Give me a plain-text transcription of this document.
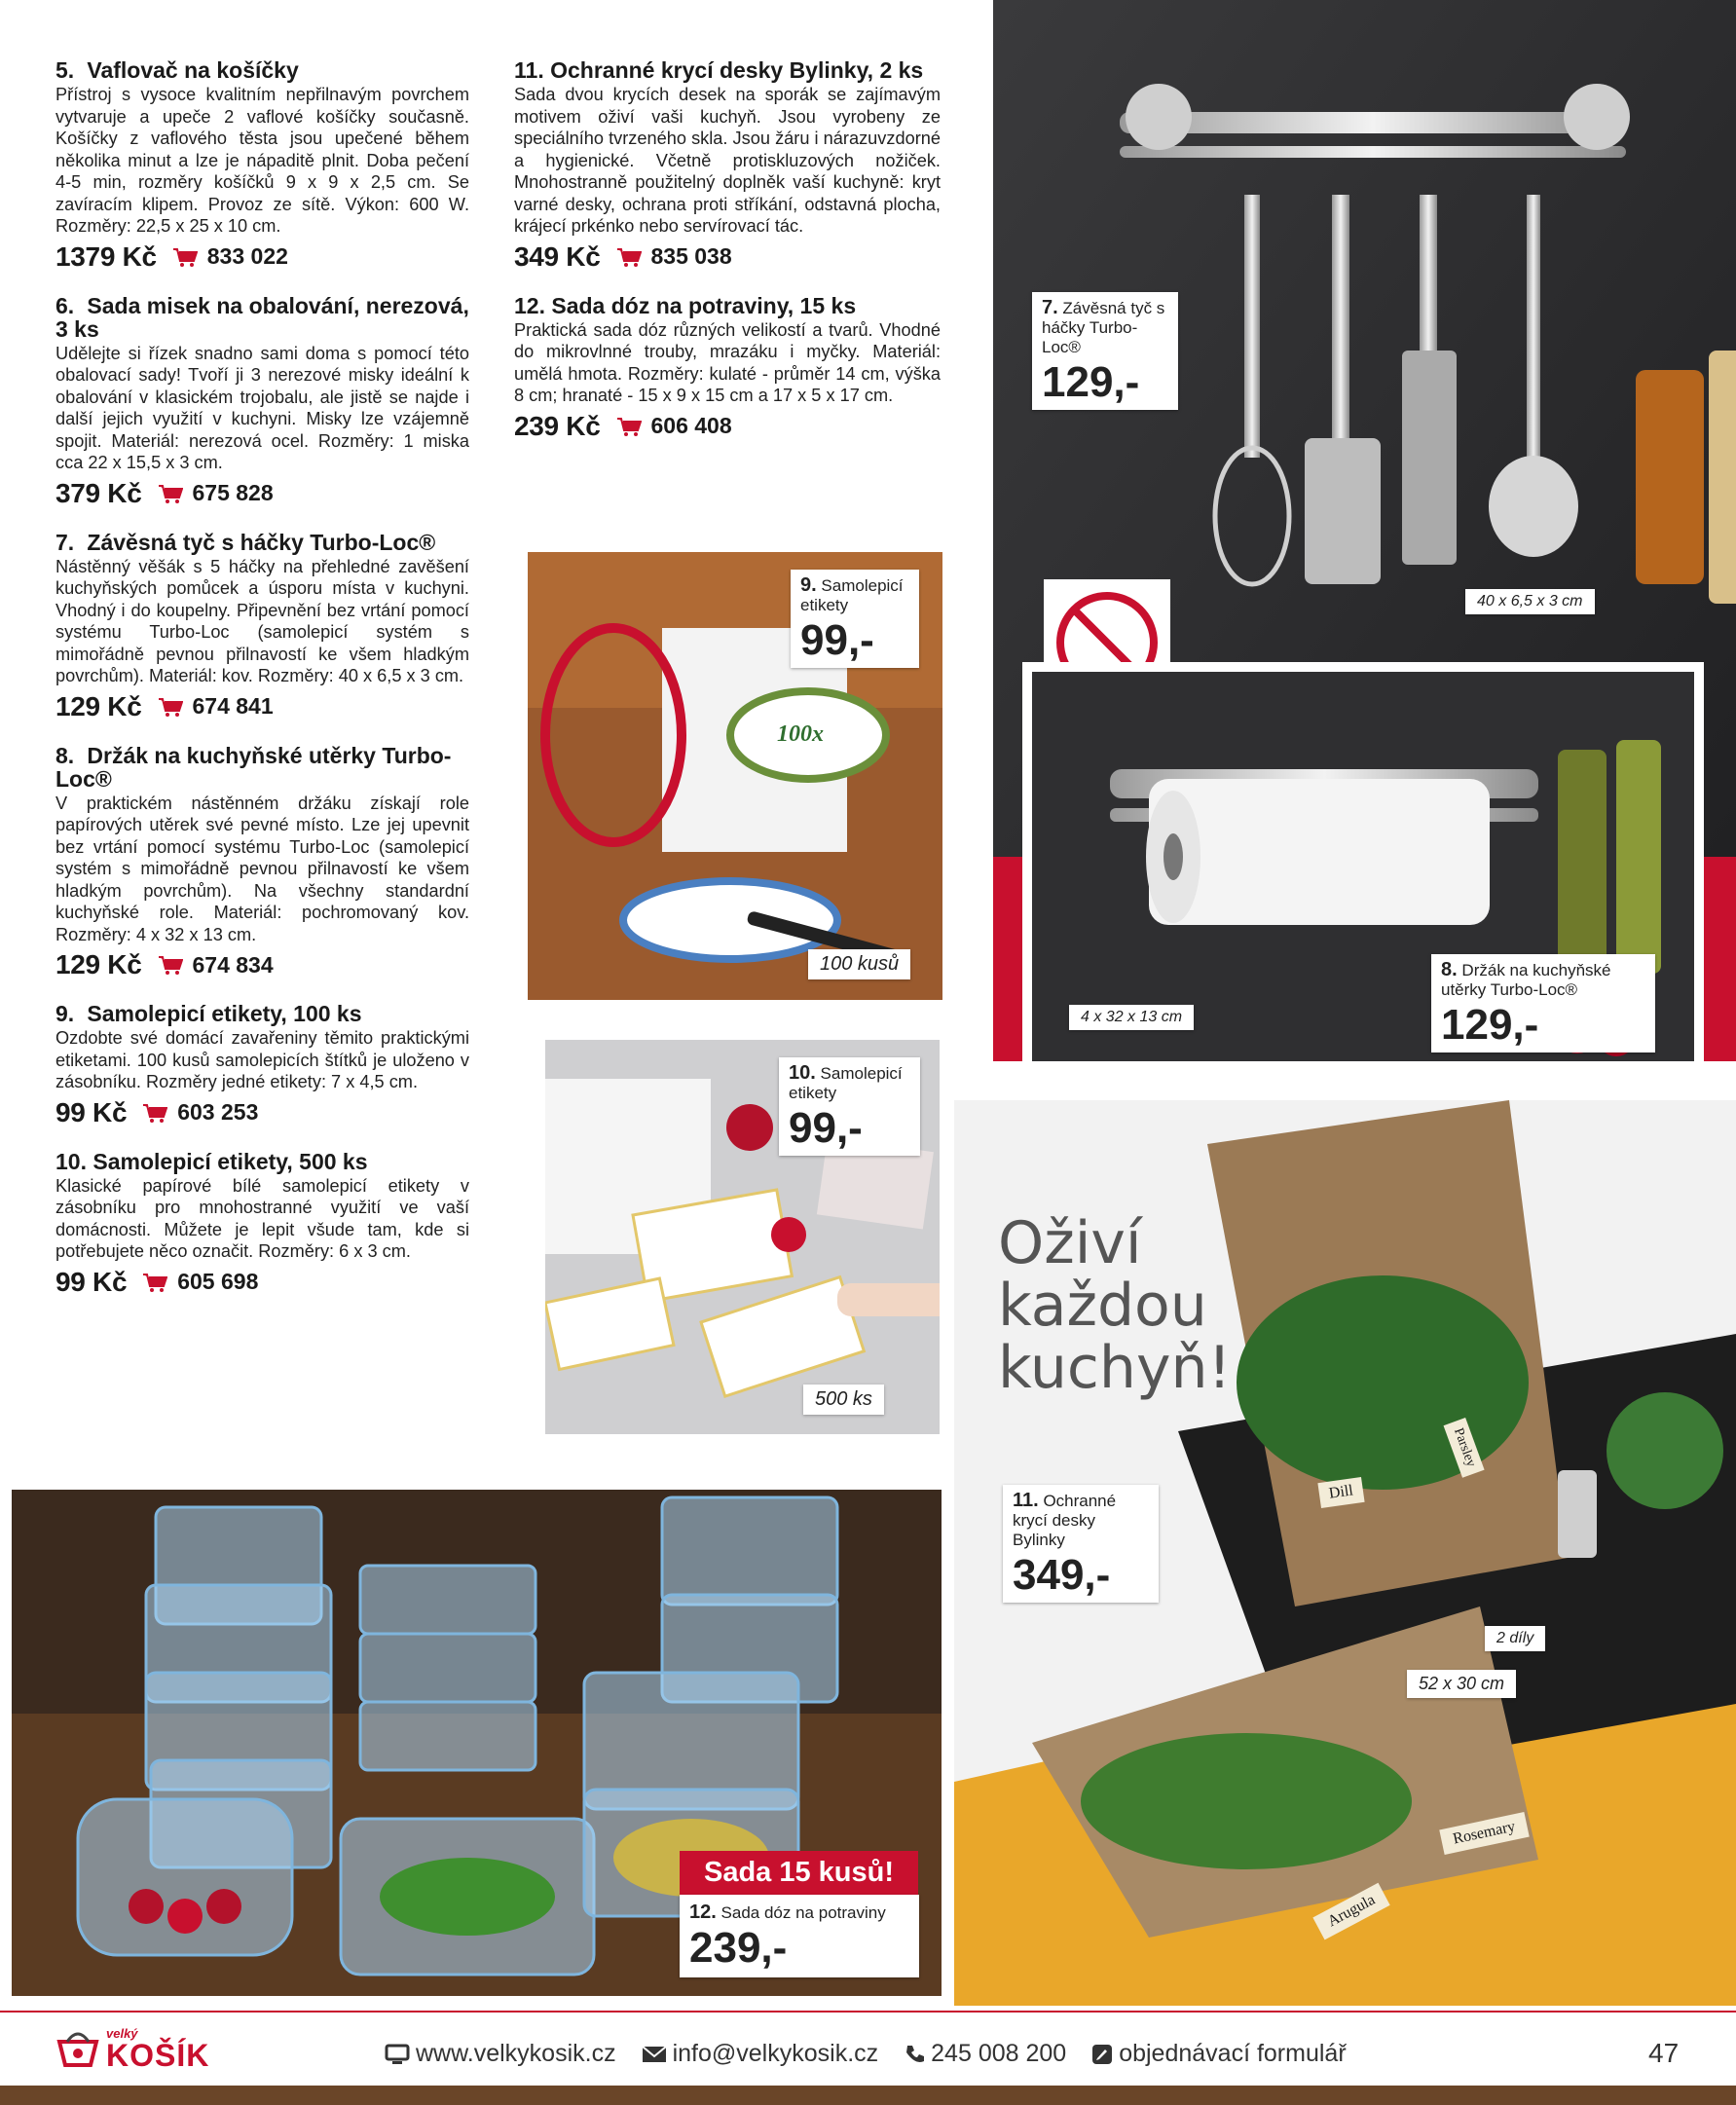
5. Vaflovač na košíčky

Přístroj s vysoce kvalitním nepřilnavým povrchem vytvaruje a upeče 2 vaflové košíčky současně. Košíčky z vaflového těsta jsou upečené během několika minut a lze je nápaditě plnit. Doba pečení 4-5 min, rozměry košíčků 9 x 9 x 2,5 cm. Se zavíracím klipem. Provoz ze sítě. Výkon: 600 W. Rozměry: 22,5 x 25 x 10 cm.

1379 Kč 833 022
6. Sada misek na obalování, nerezová, 3 ks

Udělejte si řízek snadno sami doma s pomocí této obalovací sady! Tvoří ji 3 nerezové misky ideální k obalování v klasickém trojobalu, ale jistě se najde i další jejich využití v kuchyni. Misky lze vzájemně spojit. Materiál: nerezová ocel. Rozměry: 1 miska cca 22 x 15,5 x 3 cm.

379 Kč 675 828
7. Závěsná tyč s háčky Turbo-Loc®

Nástěnný věšák s 5 háčky na přehledné zavěšení kuchyňských pomůcek a úsporu místa v kuchyni. Vhodný i do koupelny. Připevnění bez vrtání pomocí systému Turbo-Loc (samolepicí systém s mimořádně pevnou přilnavostí ke všem hladkým povrchům). Materiál: kov. Rozměry: 40 x 6,5 x 3 cm.

129 Kč 674 841
8. Držák na kuchyňské utěrky Turbo-Loc®

V praktickém nástěnném držáku získají role papírových utěrek své pevné místo. Lze jej upevnit bez vrtání pomocí systému Turbo-Loc (samolepicí systém s mimořádně pevnou přilnavostí ke všem hladkým povrchům). Na všechny standardní kuchyňské role. Materiál: pochromovaný kov. Rozměry: 4 x 32 x 13 cm.

129 Kč 674 834
9. Samolepicí etikety, 100 ks

Ozdobte své domácí zavařeniny těmito praktickými etiketami. 100 kusů samolepicích štítků je uloženo v zásobníku. Rozměry jedné etikety: 7 x 4,5 cm.

99 Kč 603 253
10. Samolepicí etikety, 500 ks

Klasické papírové bílé samolepicí etikety v zásobníku pro mnohostranné využití ve vaší domácnosti. Můžete je lepit všude tam, kde si potřebujete něco označit. Rozměry: 6 x 3 cm.

99 Kč 605 698
11. Ochranné krycí desky Bylinky, 2 ks

Sada dvou krycích desek na sporák se zajímavým motivem oživí vaši kuchyň. Jsou vyrobeny ze speciálního tvrzeného skla. Jsou žáru i nárazuvzdorné a hygienické. Včetně protiskluzových nožiček. Mnohostranně použitelný doplněk vaší kuchyně: kryt varné desky, ochrana proti stříkání, odstavná plocha, krájecí prkénko nebo servírovací tác.

349 Kč 835 038
12. Sada dóz na potraviny, 15 ks

Praktická sada dóz různých velikostí a tvarů. Vhodné do mikrovlnné trouby, mrazáku i myčky. Materiál: umělá hmota. Rozměry: kulaté - průměr 14 cm, výška 8 cm; hranaté - 15 x 9 x 15 cm a 17 x 5 x 17 cm.

239 Kč 606 408
7. Závěsná tyč s háčky Turbo-Loc®
129,-
40 x 6,5 x 3 cm
4 x 32 x 13 cm
8. Držák na kuchyňské utěrky Turbo-Loc®
129,-
100x
9. Samolepicí etikety
99,-
100 kusů
10. Samolepicí etikety
99,-
500 ks
Oživí
každou
kuchyň!
Dill
Parsley
Rosemary
Arugula
11. Ochranné krycí desky Bylinky
349,-
2 díly
52 x 30 cm
Sada 15 kusů!
12. Sada dóz na potraviny
239,-
velký
KOŠÍK	www.velkykosik.cz info@velkykosik.cz 245 008 200 objednávací formulář	47
